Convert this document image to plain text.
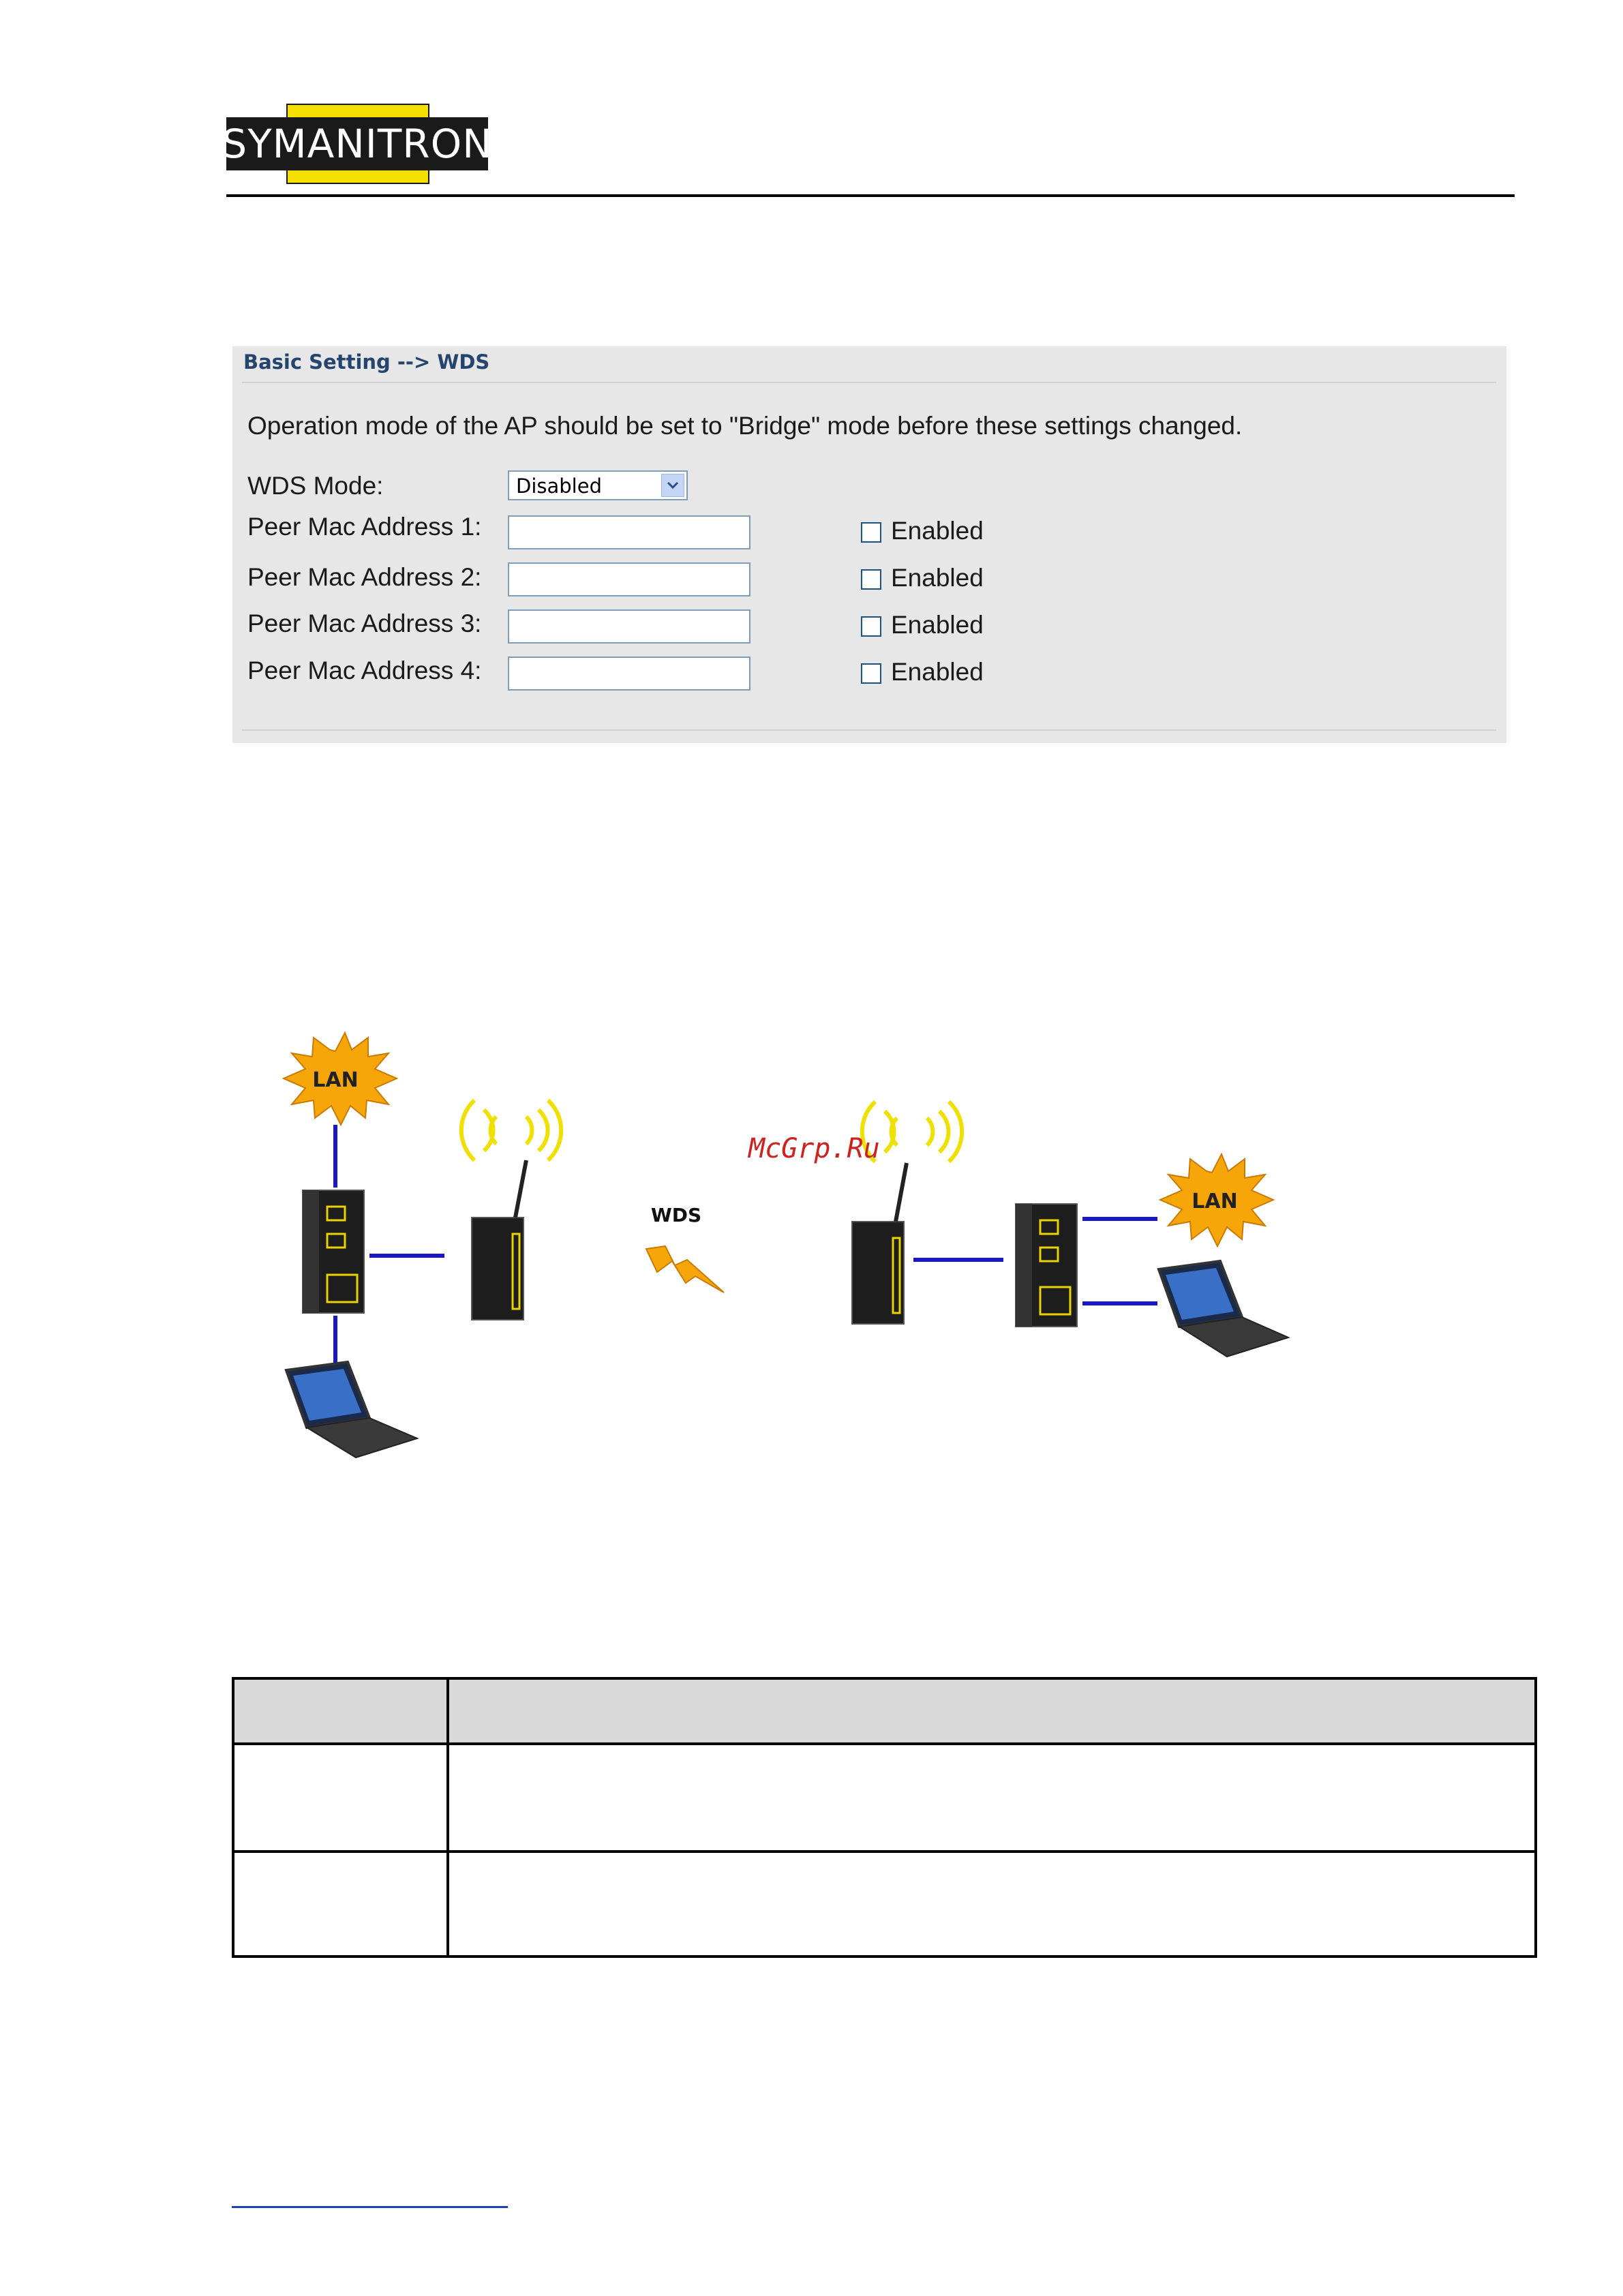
SYMANITRON
Basic Setting --> WDS
Operation mode of the AP should be set to "Bridge" mode before these settings changed.
WDS Mode:	Disabled
Peer Mac Address 1:	Enabled
Peer Mac Address 2:	Enabled
Peer Mac Address 3:	Enabled
Peer Mac Address 4:	Enabled
LAN
WDS
LAN
McGrp.Ru
